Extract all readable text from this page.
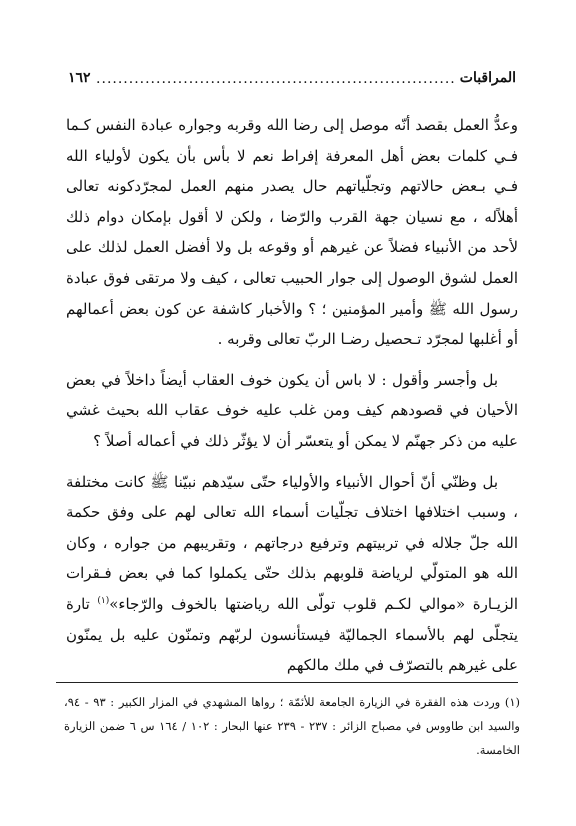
المراقبات
.....
١٦٢

وعدُّ العمل بقصد أنّه موصل إلى رضا الله وقربه وجواره عبادة النفس كـما فـي كلمات بعض أهل المعرفة إفراط نعم لا بأس بأن يكون لأولياء الله فـي بـعض حالاتهم وتجلّياتهم حال يصدر منهم العمل لمجرّدكونه تعالى أهلاًله ، مع نسيان جهة القرب والرّضا ، ولكن لا أقول بإمكان دوام ذلك لأحد من الأنبياء فضلاً عن غيرهم أو وقوعه بل ولا أفضل العمل لذلك على العمل لشوق الوصول إلى جوار الحبيب تعالى ، كيف ولا مرتقى فوق عبادة رسول الله ﷺ وأمير المؤمنين ؛ ؟ والأخبار كاشفة عن كون بعض أعمالهم أو أغلبها لمجرّد تـحصيل رضـا الربّ تعالى وقربه .

بل وأجسر وأقول : لا باس أن يكون خوف العقاب أيضاً داخلاً في بعض الأحيان في قصودهم كيف ومن غلب عليه خوف عقاب الله بحيث غشي عليه من ذكر جهنّم لا يمكن أو يتعسّر أن لا يؤثّر ذلك في أعماله أصلاً ؟

بل وظنّي أنّ أحوال الأنبياء والأولياء حتّى سيّدهم نبيّنا ﷺ كانت مختلفة ، وسبب اختلافها اختلاف تجلّيات أسماء الله تعالى لهم على وفق حكمة الله جلّ جلاله في تربيتهم وترفيع درجاتهم ، وتقريبهم من جواره ، وكان الله هو المتولّي لرياضة قلوبهم بذلك حتّى يكملوا كما في بعض فـقرات الزيـارة «موالي لكـم قلوب تولّى الله رياضتها بالخوف والرّجاء»$^{(١)}$ تارة يتجلّى لهم بالأسماء الجماليّة فيستأنسون لربّهم وتمنّون عليه بل يمنّون على غيرهم بالتصرّف في ملك مالكهم

(١) وردت هذه الفقرة في الزيارة الجامعة للأئمّة ؛ رواها المشهدي في المزار الكبير : ٩٣ - ٩٤، والسيد ابن طاووس في مصباح الزائر : ٢٣٧ - ٢٣٩ عنها البحار : ١٠٢ / ١٦٤ س ٦ ضمن الزيارة الخامسة.
